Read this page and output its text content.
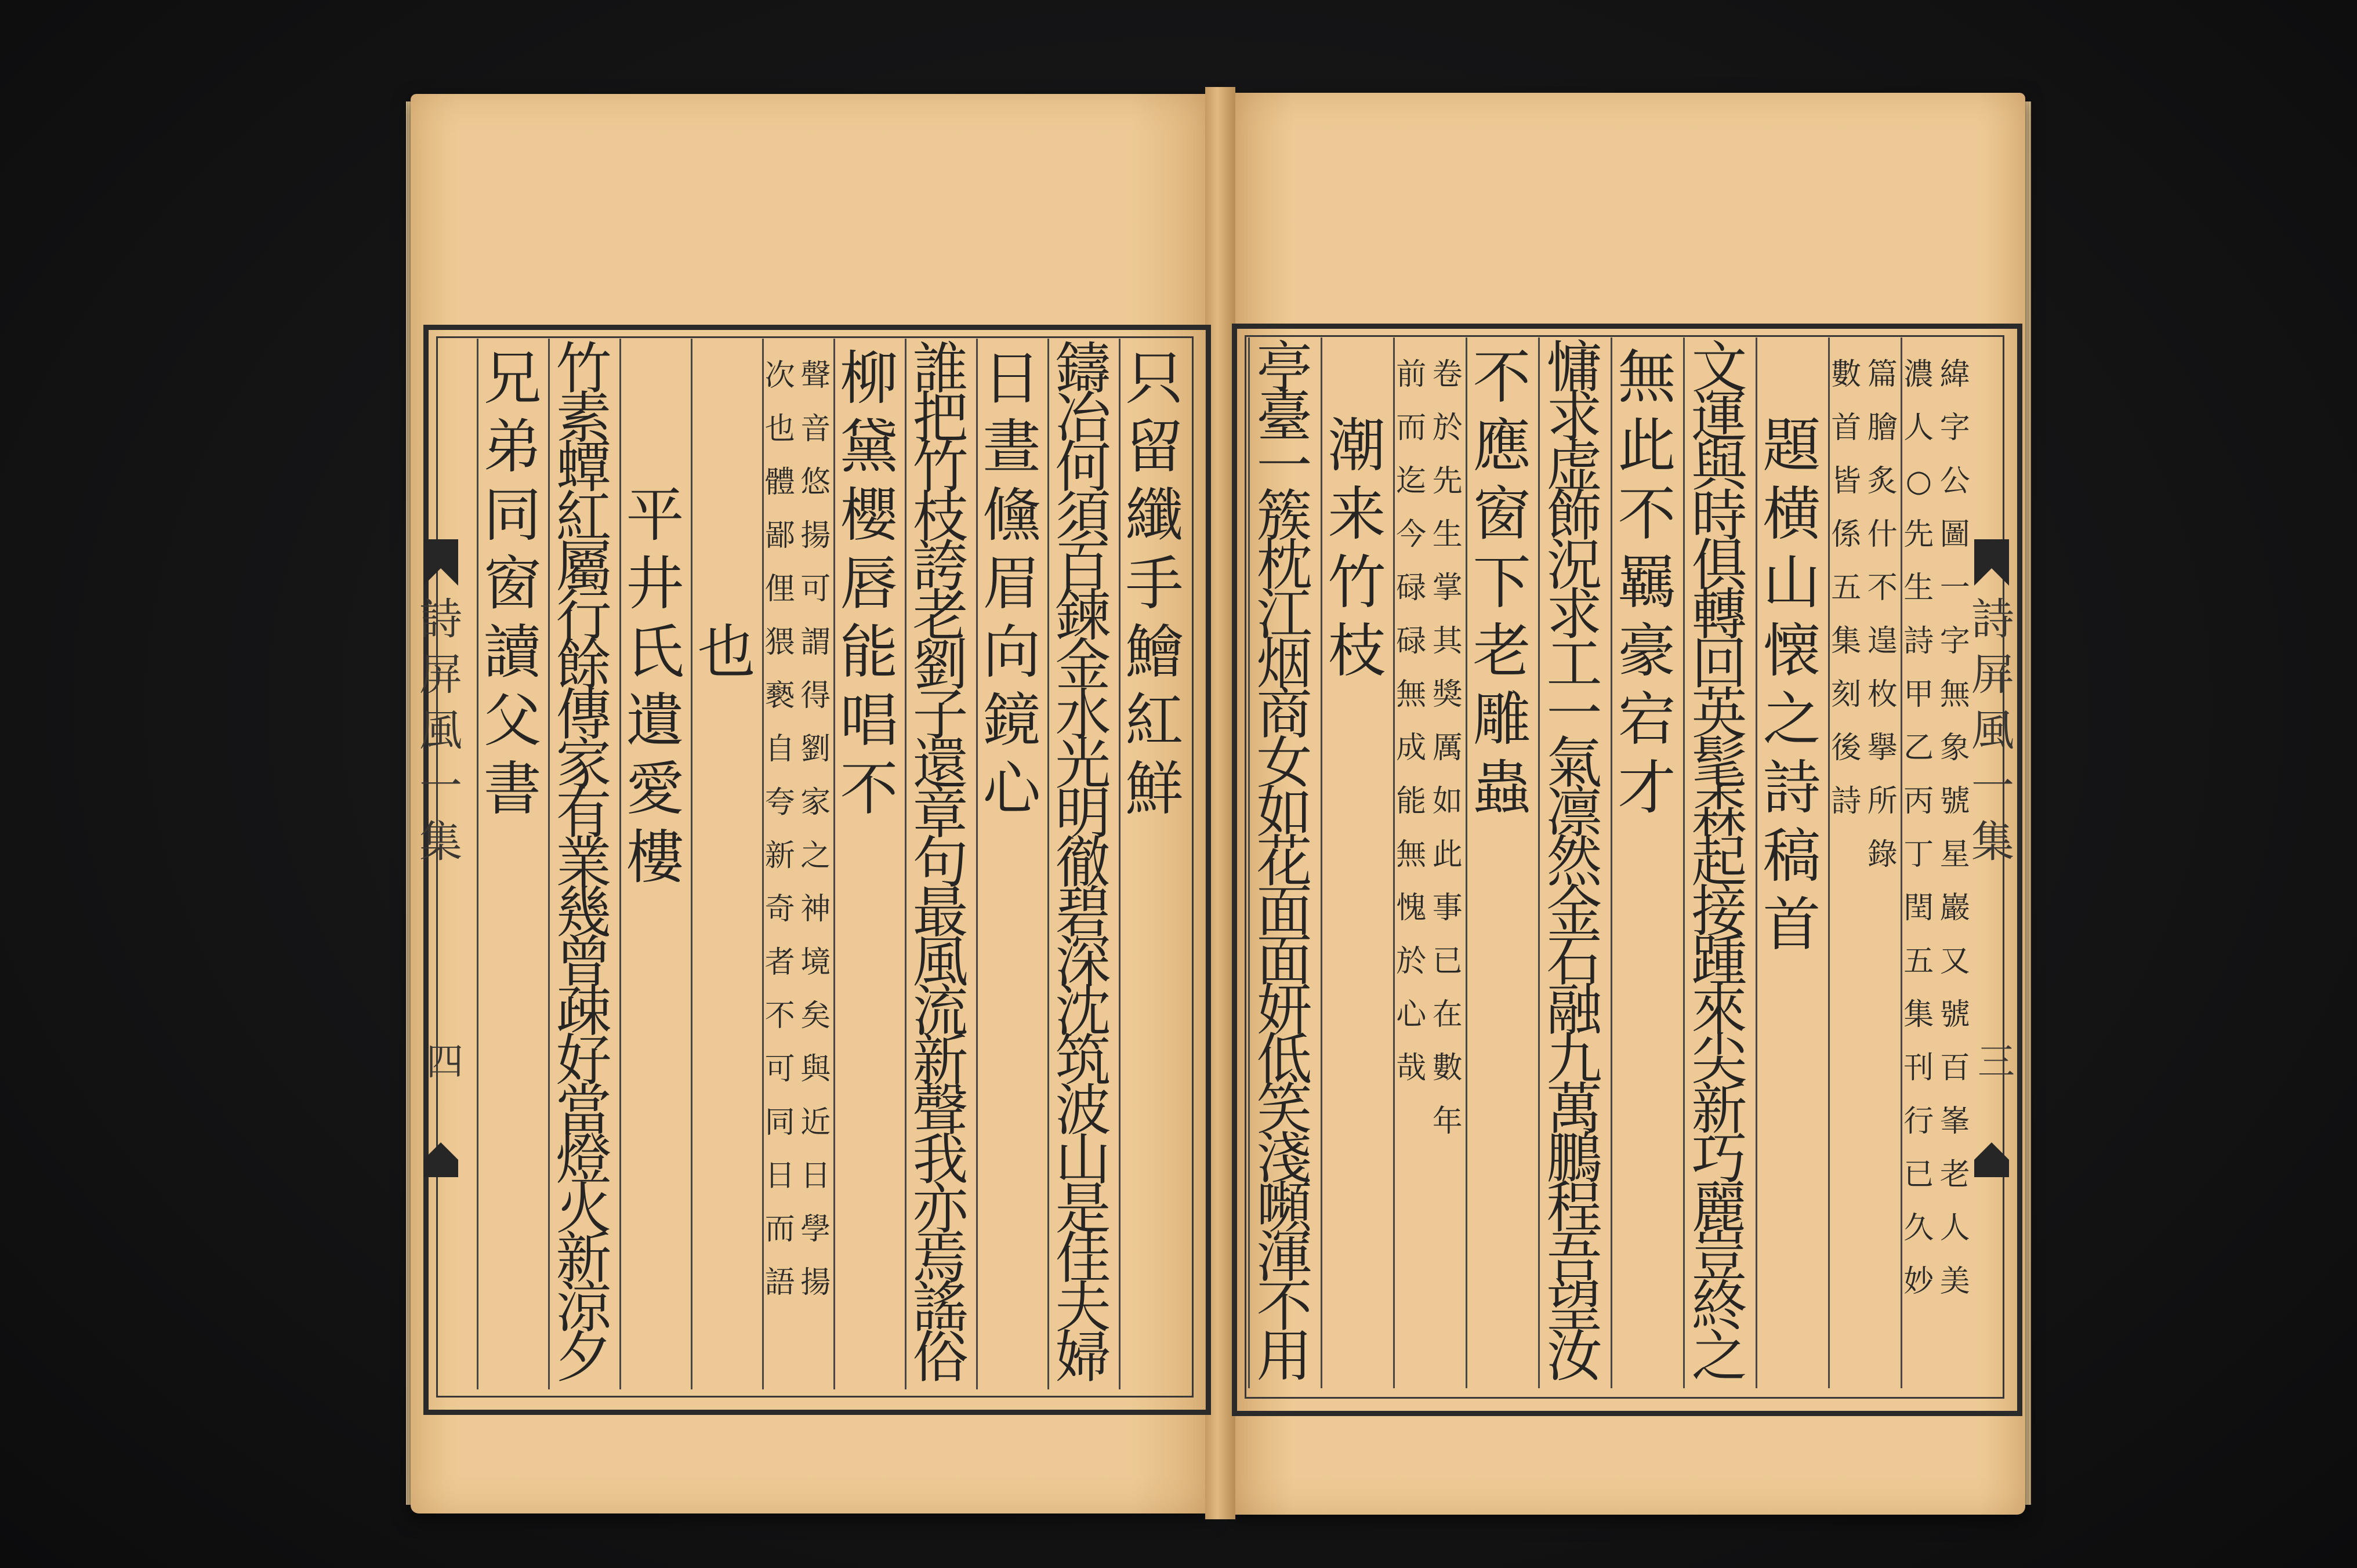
只
留
纖
手
鱠
紅
鮮
鑄
冶
何
須
百
鍊
金
水
光
明
徹
碧
深
沈
筑
波
山
是
佳
夫
婦
日
晝
儵
眉
向
鏡
心
誰
把
竹
枝
誇
老
劉
子
還
章
句
最
風
流
新
聲
我
亦
焉
謠
俗
柳
黛
櫻
唇
能
唱
不
聲
音
悠
揚
可
謂
得
劉
家
之
神
境
矣
與
近
日
學
揚
次
也
體
鄙
俚
猥
褻
自
夸
新
奇
者
不
可
同
日
而
語
也
平
井
氏
遺
愛
樓
竹
素
蟫
紅
屬
行
餘
傳
家
有
業
幾
曾
疎
好
當
燈
火
新
涼
夕
兄
弟
同
窗
讀
父
書
緯
字
公
圖
一
字
無
象
號
星
巖
又
號
百
峯
老
人
美
濃
人
○
先
生
詩
甲
乙
丙
丁
閏
五
集
刊
行
已
久
妙
篇
膾
炙
什
不
遑
枚
擧
所
錄
數
首
皆
係
五
集
刻
後
詩
題
横
山
懐
之
詩
稿
首
文
運
與
時
俱
轉
回
英
髦
森
起
接
踵
來
尖
新
巧
麗
豈
終
之
無
此
不
羈
豪
宕
才
慵
求
虚
飾
況
求
工
一
氣
凛
然
金
石
融
九
萬
鵬
程
吾
望
汝
不
應
窗
下
老
雕
蟲
卷
於
先
生
掌
其
獎
厲
如
此
事
已
在
數
年
前
而
迄
今
碌
碌
無
成
能
無
愧
於
心
哉
潮
来
竹
枝
亭
臺
一
簇
枕
江
烟
商
女
如
花
面
面
妍
低
笑
淺
嚬
渾
不
用
詩
屏
風
一
集
四
詩
屏
風
一
集
三
